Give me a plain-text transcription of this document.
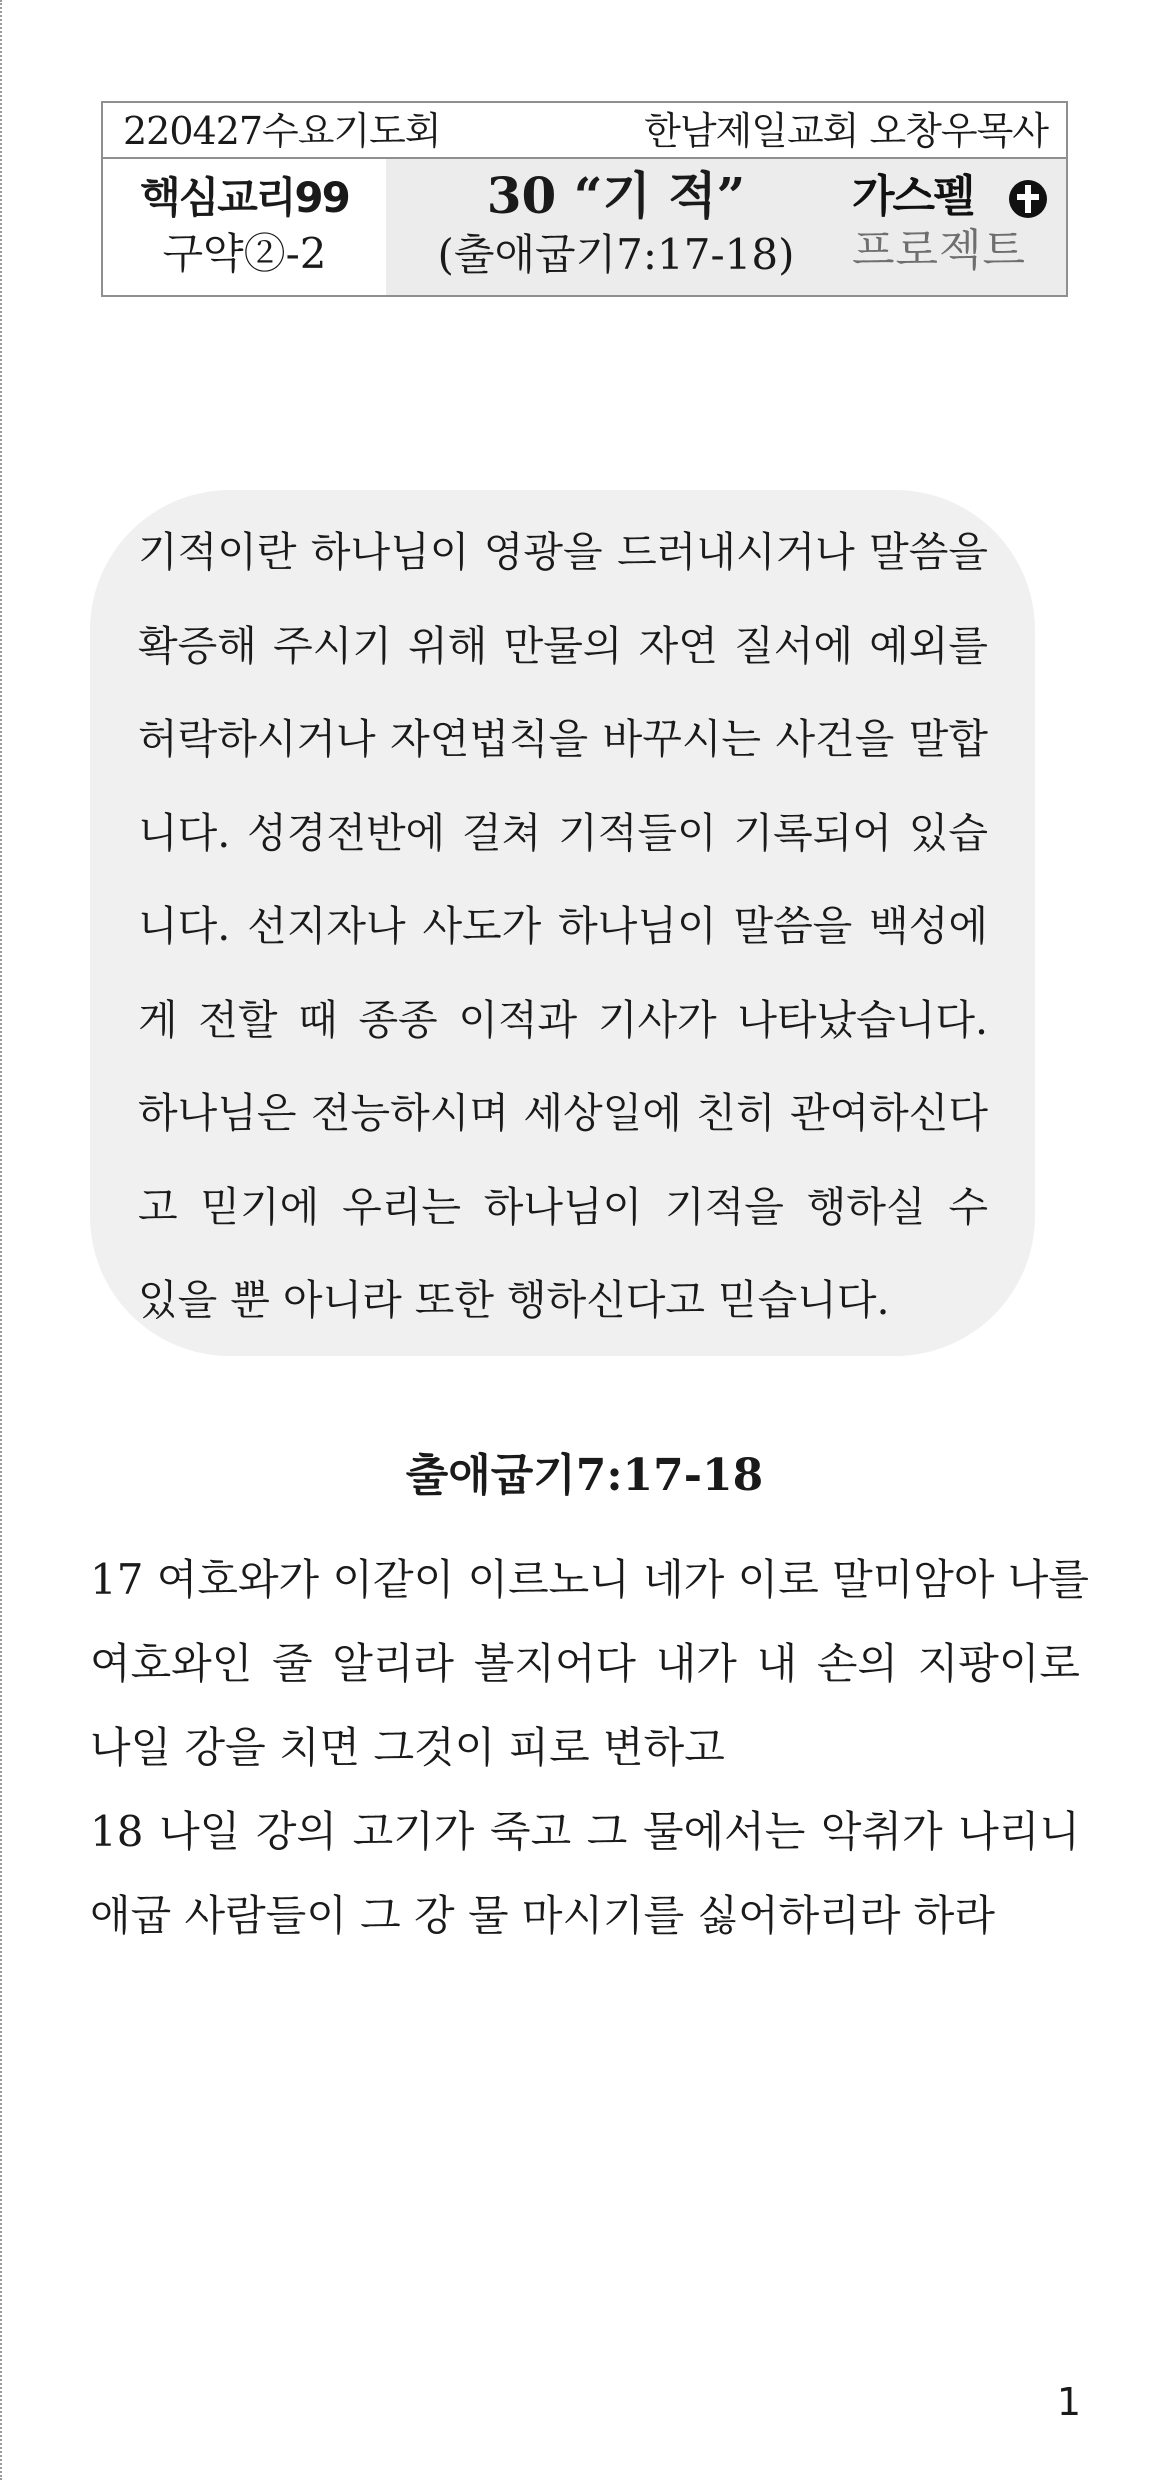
220427수요기도회	한남제일교회 오창우목사
핵심교리99
구약②-2
30 “기 적”
(출애굽기7:17-18)
가스펠
프로젝트
기적이란 하나님이 영광을 드러내시거나 말씀을
확증해 주시기 위해 만물의 자연 질서에 예외를
허락하시거나 자연법칙을 바꾸시는 사건을 말합
니다. 성경전반에 걸쳐 기적들이 기록되어 있습
니다. 선지자나 사도가 하나님이 말씀을 백성에
게 전할 때 종종 이적과 기사가 나타났습니다.
하나님은 전능하시며 세상일에 친히 관여하신다
고 믿기에 우리는 하나님이 기적을 행하실 수
있을 뿐 아니라 또한 행하신다고 믿습니다.
출애굽기7:17-18
17 여호와가 이같이 이르노니 네가 이로 말미암아 나를
여호와인 줄 알리라 볼지어다 내가 내 손의 지팡이로
나일 강을 치면 그것이 피로 변하고
18 나일 강의 고기가 죽고 그 물에서는 악취가 나리니
애굽 사람들이 그 강 물 마시기를 싫어하리라 하라
1
